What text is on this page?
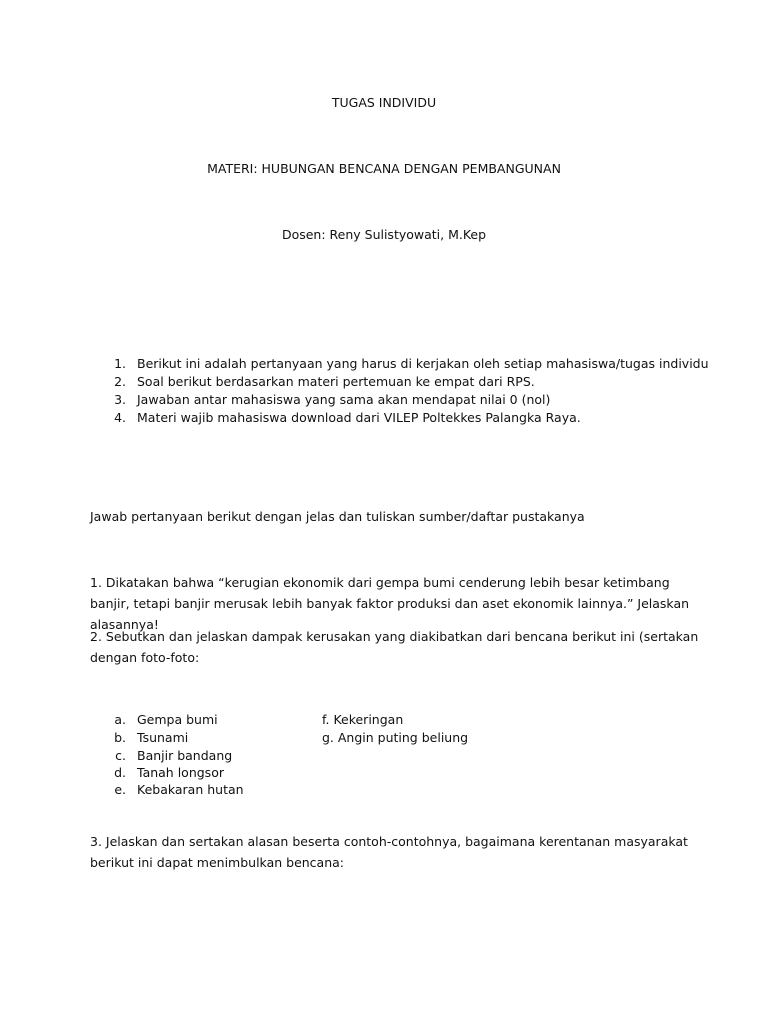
TUGAS INDIVIDU

MATERI: HUBUNGAN BENCANA DENGAN PEMBANGUNAN

Dosen: Reny Sulistyowati, M.Kep

1. Berikut ini adalah pertanyaan yang harus di kerjakan oleh setiap mahasiswa/tugas individu
2. Soal berikut berdasarkan materi pertemuan ke empat dari RPS.
3. Jawaban antar mahasiswa yang sama akan mendapat nilai 0 (nol)
4. Materi wajib mahasiswa download dari VILEP Poltekkes Palangka Raya.

Jawab pertanyaan berikut dengan jelas dan tuliskan sumber/daftar pustakanya

1. Dikatakan bahwa “kerugian ekonomik dari gempa bumi cenderung lebih besar ketimbang banjir, tetapi banjir merusak lebih banyak faktor produksi dan aset ekonomik lainnya.” Jelaskan alasannya!

2. Sebutkan dan jelaskan dampak kerusakan yang diakibatkan dari bencana berikut ini (sertakan dengan foto-foto:

a. Gempa bumi	f. Kekeringan
b. Tsunami	g. Angin puting beliung
c. Banjir bandang
d. Tanah longsor
e. Kebakaran hutan

3. Jelaskan dan sertakan alasan beserta contoh-contohnya, bagaimana kerentanan masyarakat berikut ini dapat menimbulkan bencana:
